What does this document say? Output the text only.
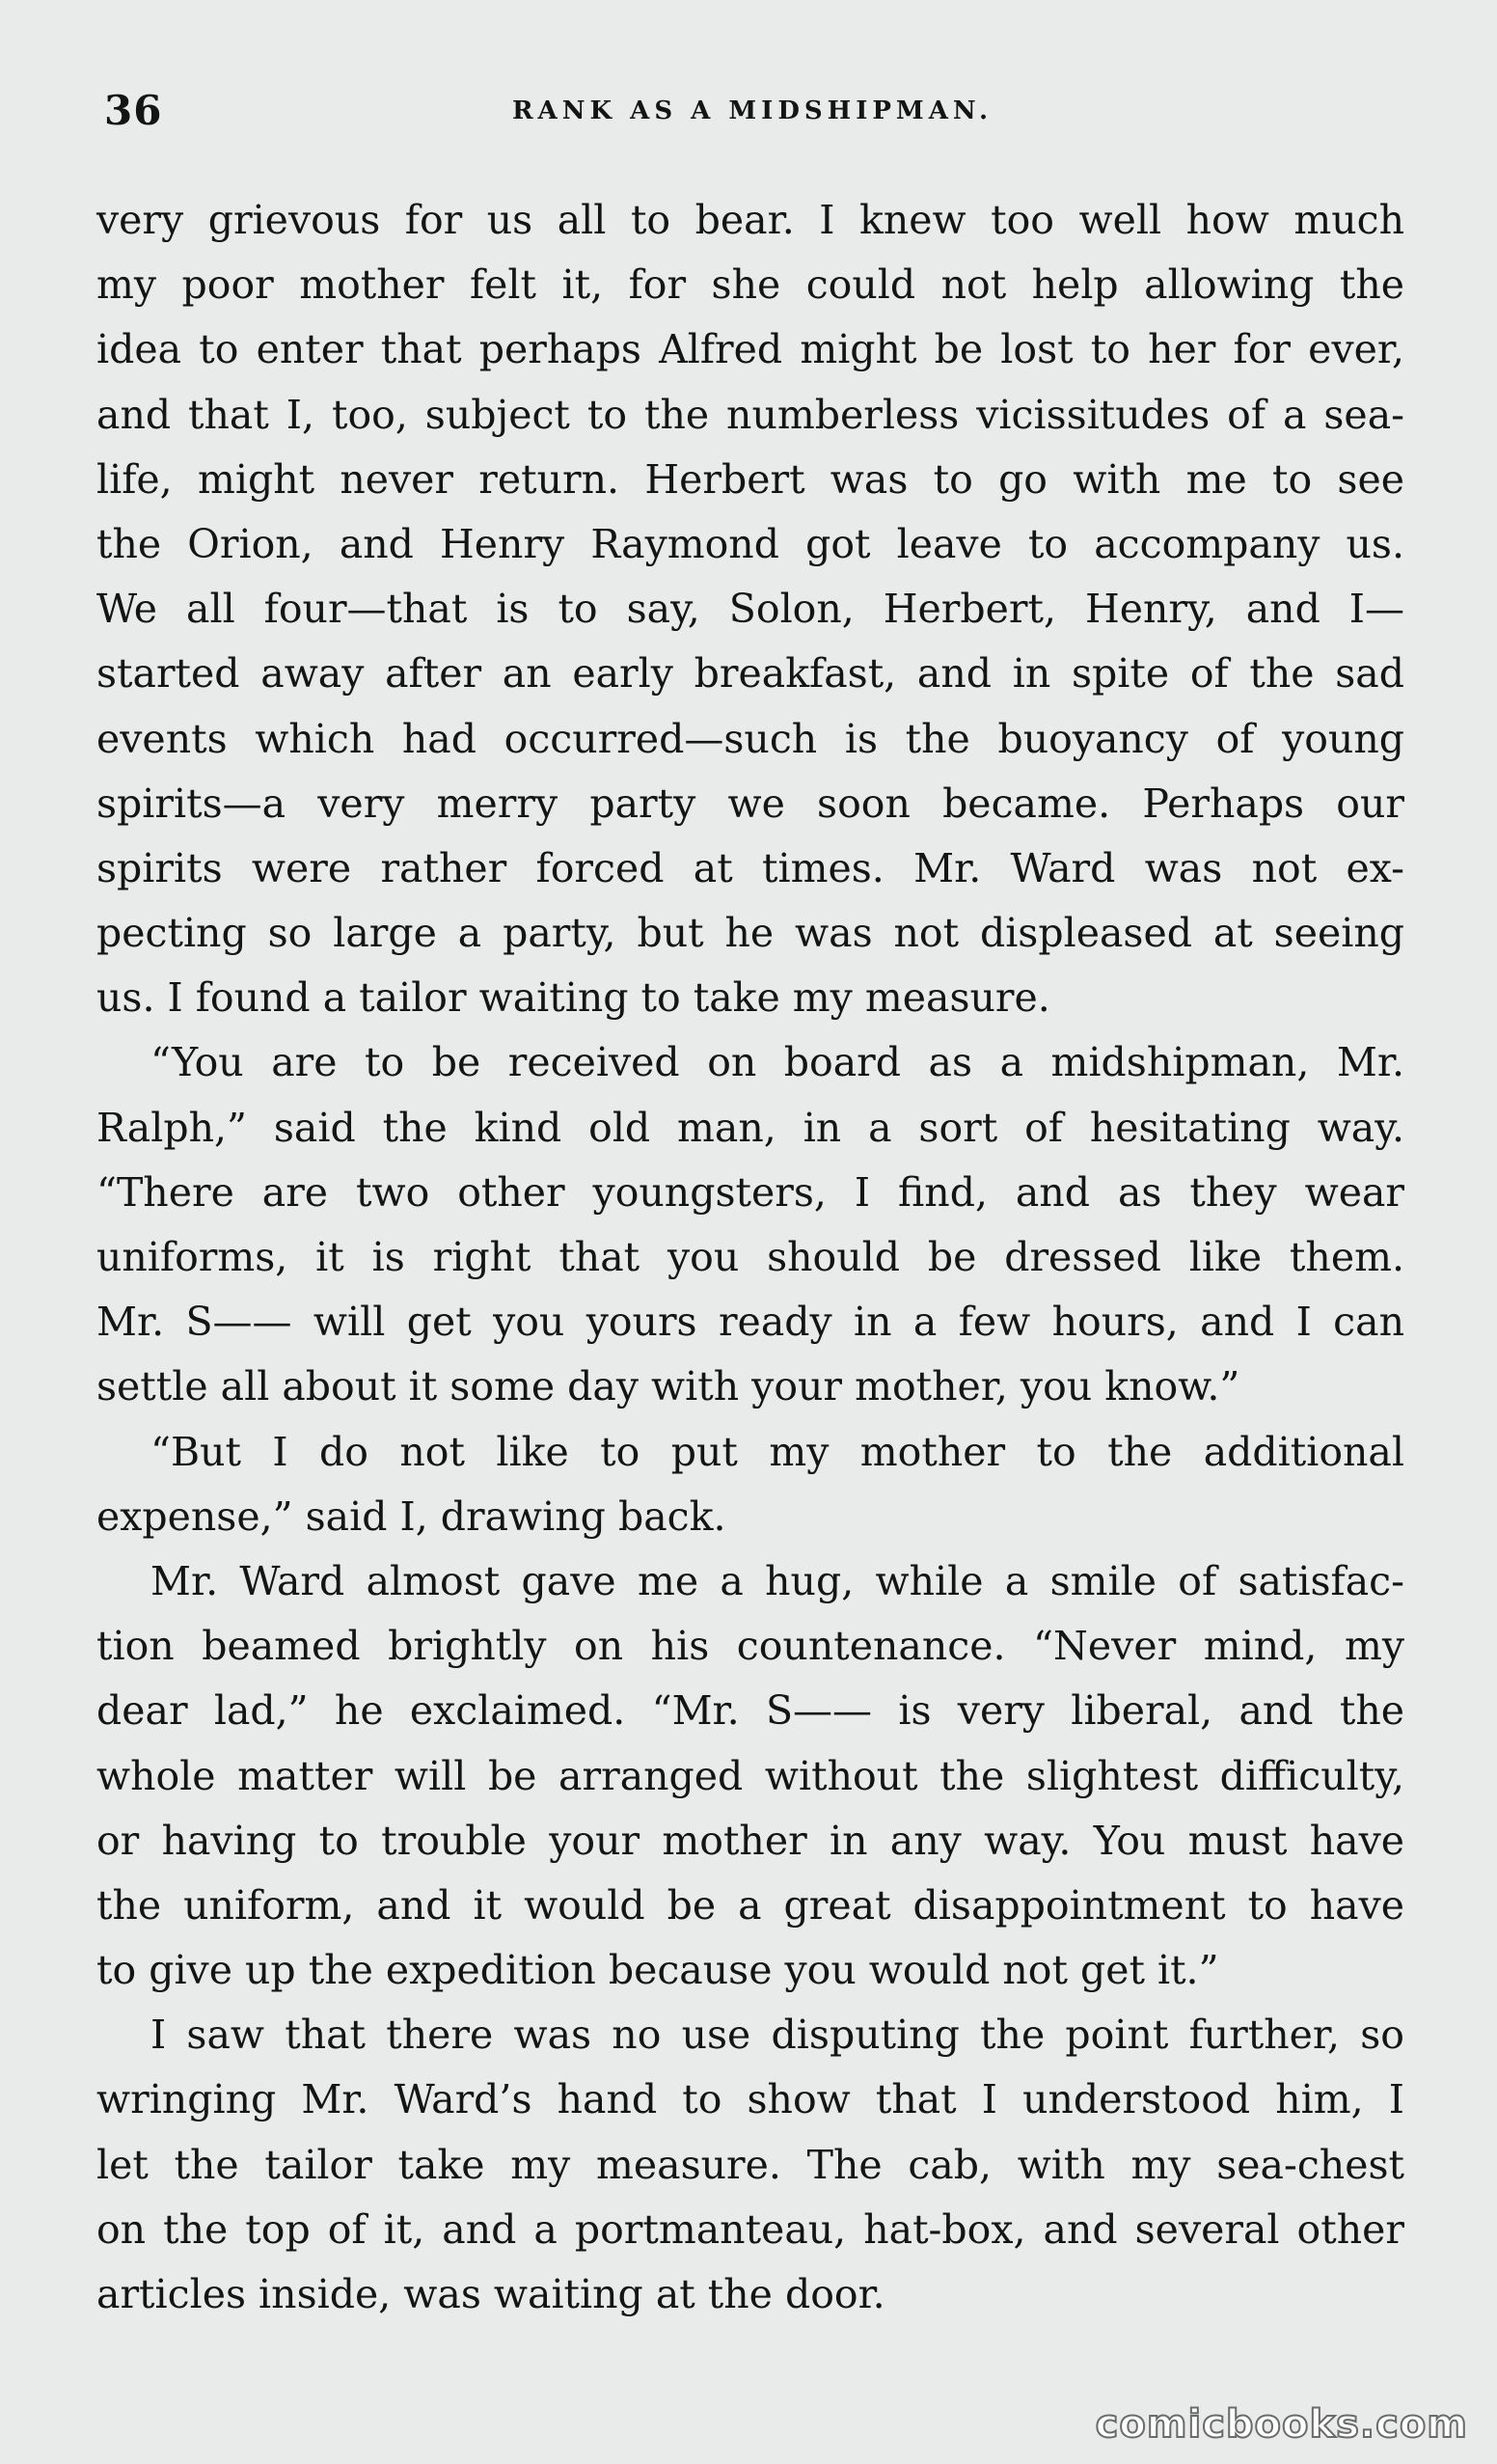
36	RANK AS A MIDSHIPMAN.
very grievous for us all to bear. I knew too well how much
my poor mother felt it, for she could not help allowing the
idea to enter that perhaps Alfred might be lost to her for ever,
and that I, too, subject to the numberless vicissitudes of a sea-
life, might never return. Herbert was to go with me to see
the Orion, and Henry Raymond got leave to accompany us.
We all four—that is to say, Solon, Herbert, Henry, and I—
started away after an early breakfast, and in spite of the sad
events which had occurred—such is the buoyancy of young
spirits—a very merry party we soon became. Perhaps our
spirits were rather forced at times. Mr. Ward was not ex-
pecting so large a party, but he was not displeased at seeing
us. I found a tailor waiting to take my measure.
“You are to be received on board as a midshipman, Mr.
Ralph,” said the kind old man, in a sort of hesitating way.
“There are two other youngsters, I find, and as they wear
uniforms, it is right that you should be dressed like them.
Mr. S—— will get you yours ready in a few hours, and I can
settle all about it some day with your mother, you know.”
“But I do not like to put my mother to the additional
expense,” said I, drawing back.
Mr. Ward almost gave me a hug, while a smile of satisfac-
tion beamed brightly on his countenance. “Never mind, my
dear lad,” he exclaimed. “Mr. S—— is very liberal, and the
whole matter will be arranged without the slightest difficulty,
or having to trouble your mother in any way. You must have
the uniform, and it would be a great disappointment to have
to give up the expedition because you would not get it.”
I saw that there was no use disputing the point further, so
wringing Mr. Ward’s hand to show that I understood him, I
let the tailor take my measure. The cab, with my sea-chest
on the top of it, and a portmanteau, hat-box, and several other
articles inside, was waiting at the door.
comicbooks.com
